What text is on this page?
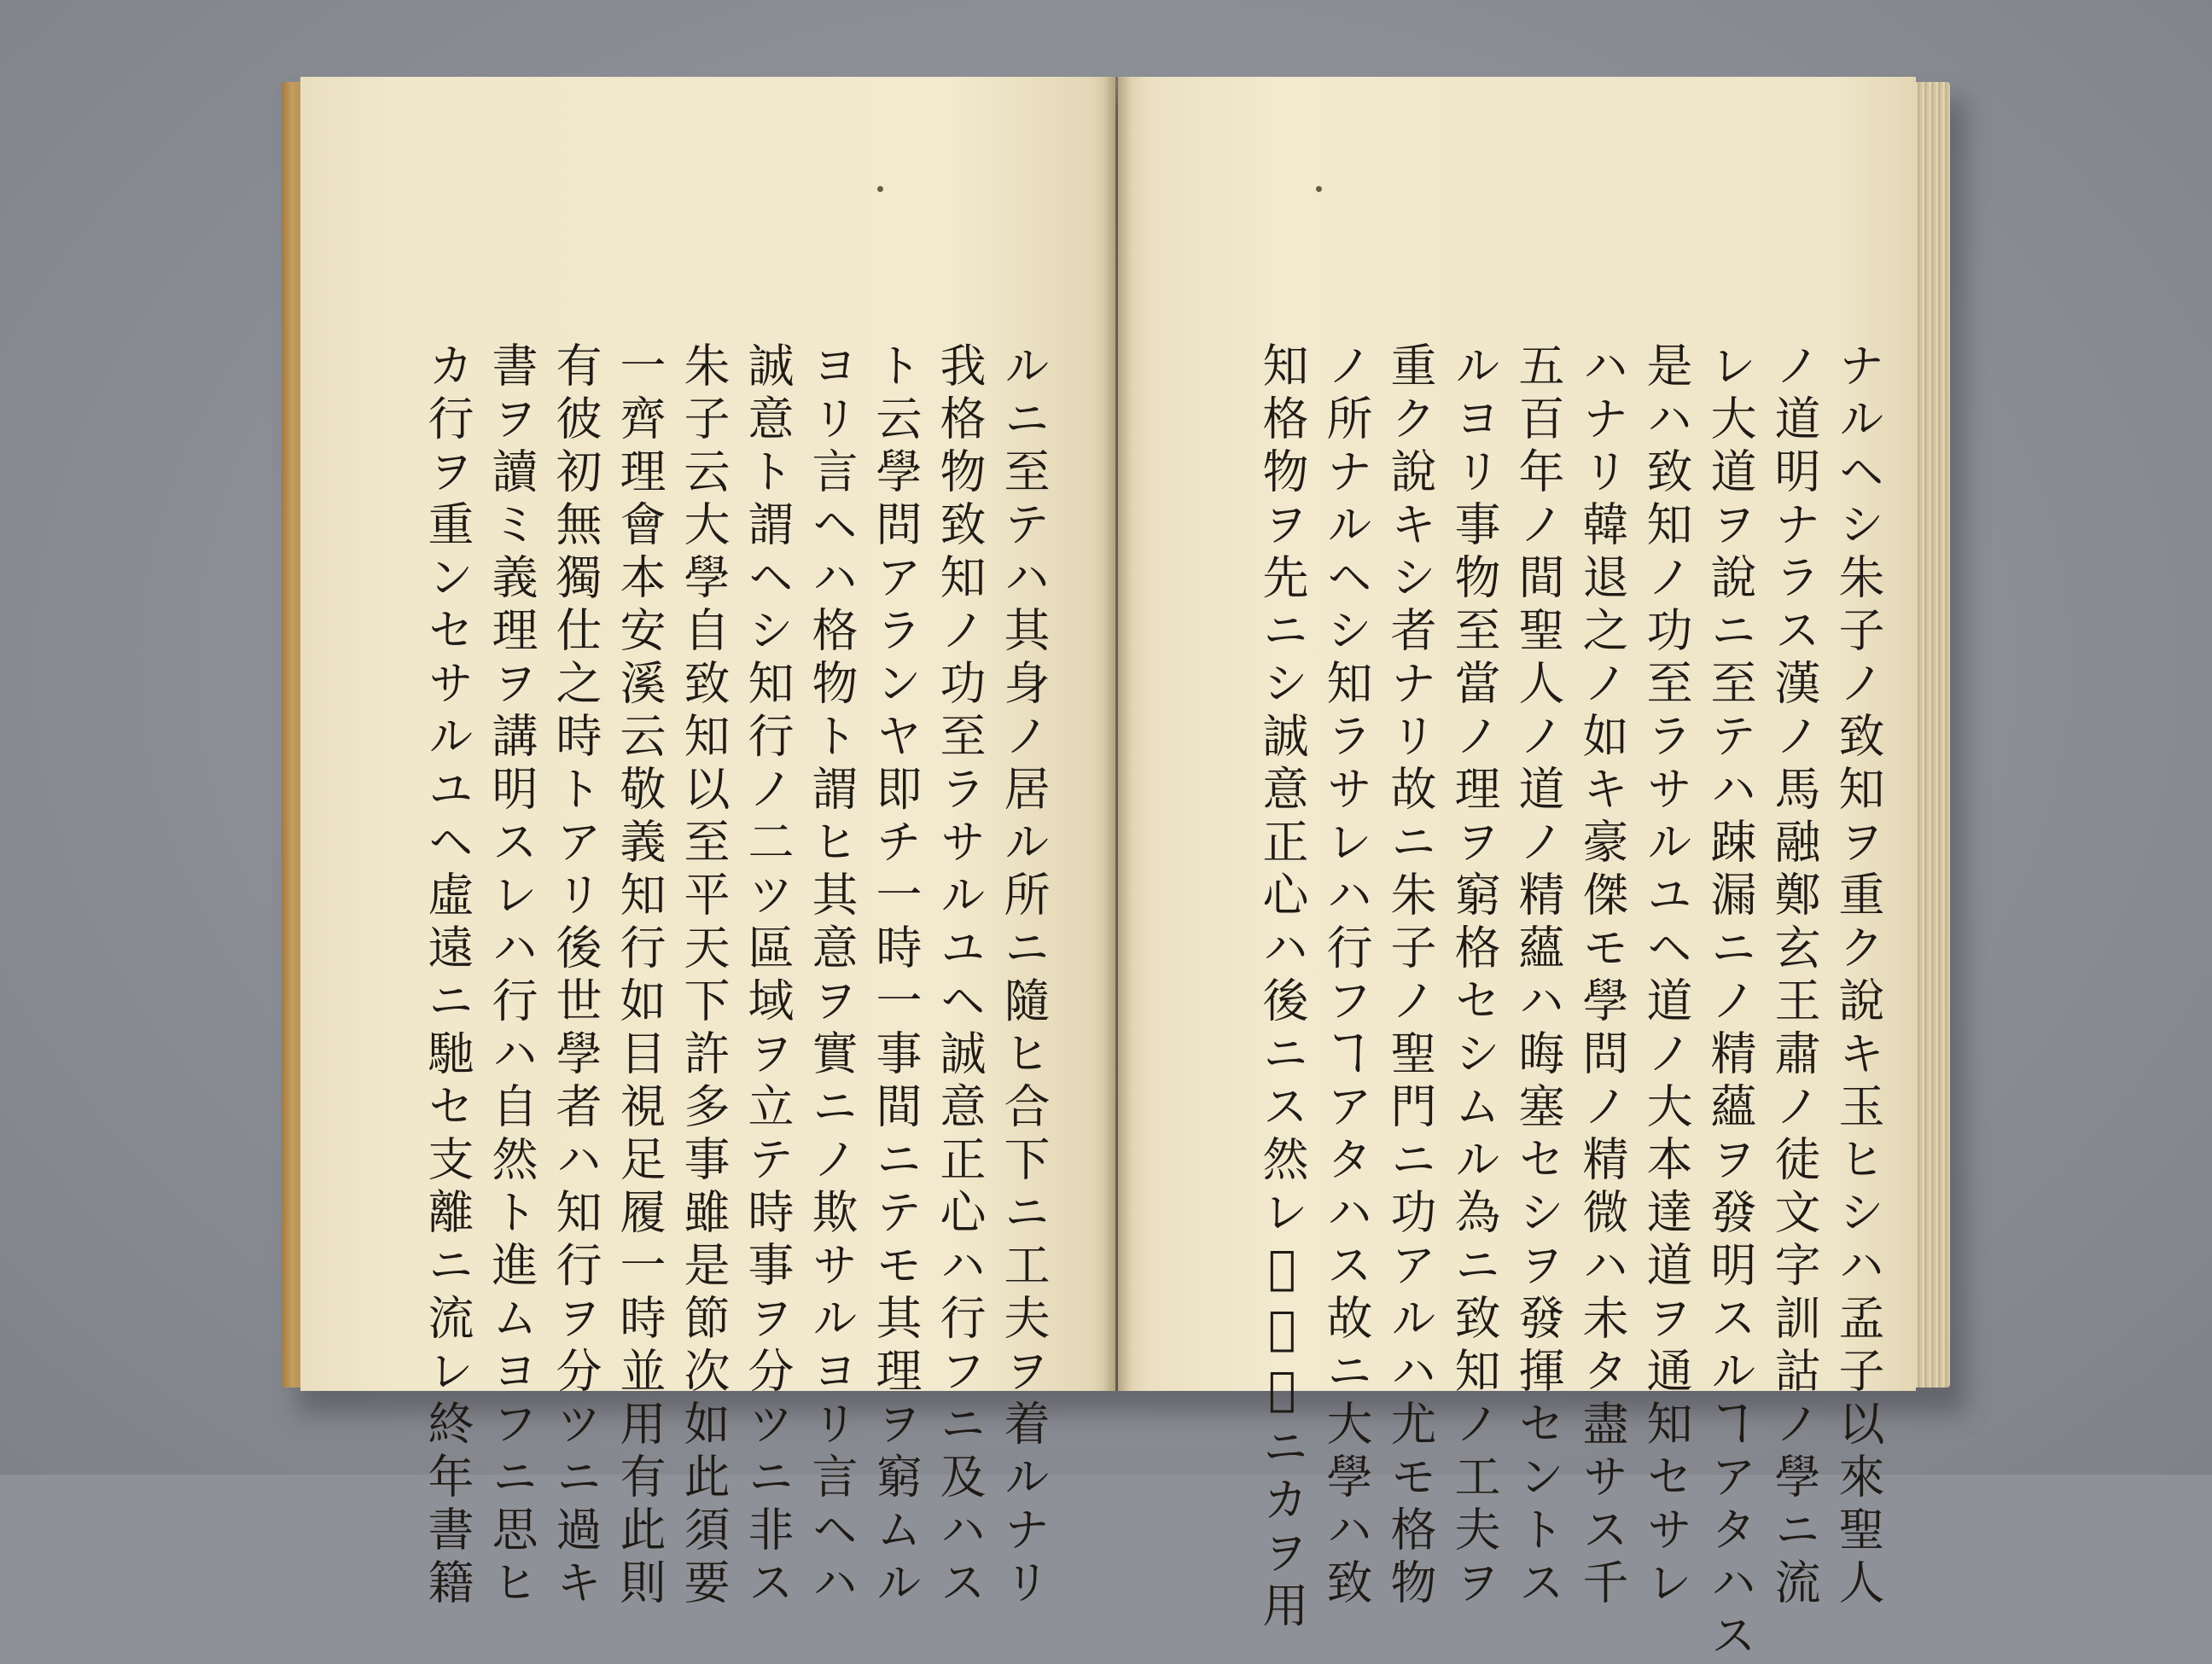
ルニ至テハ其身ノ居ル所ニ隨ヒ合下ニ工夫ヲ着ルナリ
我格物致知ノ功至ラサルユヘ誠意正心ハ行フニ及ハス
ト云學問アランヤ即チ一時一事間ニテモ其理ヲ窮ムル
ヨリ言ヘハ格物ト謂ヒ其意ヲ實ニノ欺サルヨリ言ヘハ
誠意ト謂ヘシ知行ノ二ツ區域ヲ立テ時事ヲ分ツニ非ス
朱子云大學自致知以至平天下許多事雖是節次如此須要
一齊理會本安溪云敬義知行如目視足履一時並用有此則
有彼初無獨仕之時トアリ後世學者ハ知行ヲ分ツニ過キ
書ヲ讀ミ義理ヲ講明スレハ行ハ自然ト進ムヨフニ思ヒ
カ行ヲ重ンセサルユヘ虛遠ニ馳セ支離ニ流レ終年書籍	ナルヘシ朱子ノ致知ヲ重ク說キ玉ヒシハ孟子以來聖人
ノ道明ナラス漢ノ馬融鄭玄王肅ノ徒文字訓詁ノ學ニ流
レ大道ヲ說ニ至テハ踈漏ニノ精蘊ヲ發明スルヿアタハス
是ハ致知ノ功至ラサルユヘ道ノ大本達道ヲ通知セサレ
ハナリ韓退之ノ如キ豪傑モ學問ノ精微ハ未タ盡サス千
五百年ノ間聖人ノ道ノ精蘊ハ晦塞セシヲ發揮セントス
ルヨリ事物至當ノ理ヲ窮格セシムル為ニ致知ノ工夫ヲ
重ク說キシ者ナリ故ニ朱子ノ聖門ニ功アルハ尤モ格物
ノ所ナルヘシ知ラサレハ行フヿアタハス故ニ大學ハ致
知格物ヲ先ニシ誠意正心ハ後ニス然レ𪜈實地ニカヲ用
